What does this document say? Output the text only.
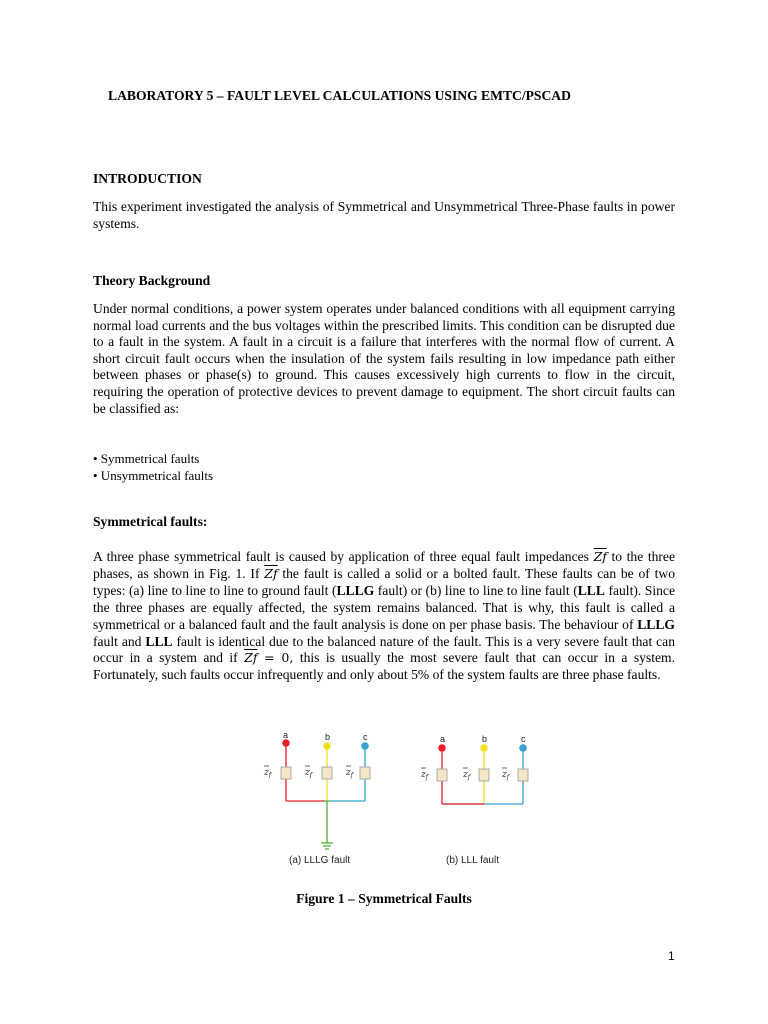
LABORATORY 5 – FAULT LEVEL CALCULATIONS USING EMTC/PSCAD
INTRODUCTION
This experiment investigated the analysis of Symmetrical and Unsymmetrical Three-Phase faults in power systems.
Theory Background
Under normal conditions, a power system operates under balanced conditions with all equipment carrying normal load currents and the bus voltages within the prescribed limits. This condition can be disrupted due to a fault in the system. A fault in a circuit is a failure that interferes with the normal flow of current. A short circuit fault occurs when the insulation of the system fails resulting in low impedance path either between phases or phase(s) to ground. This causes excessively high currents to flow in the circuit, requiring the operation of protective devices to prevent damage to equipment. The short circuit faults can be classified as:
• Symmetrical faults
• Unsymmetrical faults
Symmetrical faults:
A three phase symmetrical fault is caused by application of three equal fault impedances $\overline{Zf}$ to the three phases, as shown in Fig. 1. If $\overline{Zf}$ the fault is called a solid or a bolted fault. These faults can be of two types: (a) line to line to line to ground fault (LLLG fault) or (b) line to line to line fault (LLL fault). Since the three phases are equally affected, the system remains balanced. That is why, this fault is called a symmetrical or a balanced fault and the fault analysis is done on per phase basis. The behaviour of LLLG fault and LLL fault is identical due to the balanced nature of the fault. This is a very severe fault that can occur in a system and if $\overline{Zf} = 0$, this is usually the most severe fault that can occur in a system. Fortunately, such faults occur infrequently and only about 5% of the system faults are three phase faults.
a	b	c
$z_f$	$z_f$	$z_f$
(a) LLLG fault
a	b	c
$z_f$	$z_f$	$z_f$
(b) LLL fault
Figure 1 – Symmetrical Faults
1
